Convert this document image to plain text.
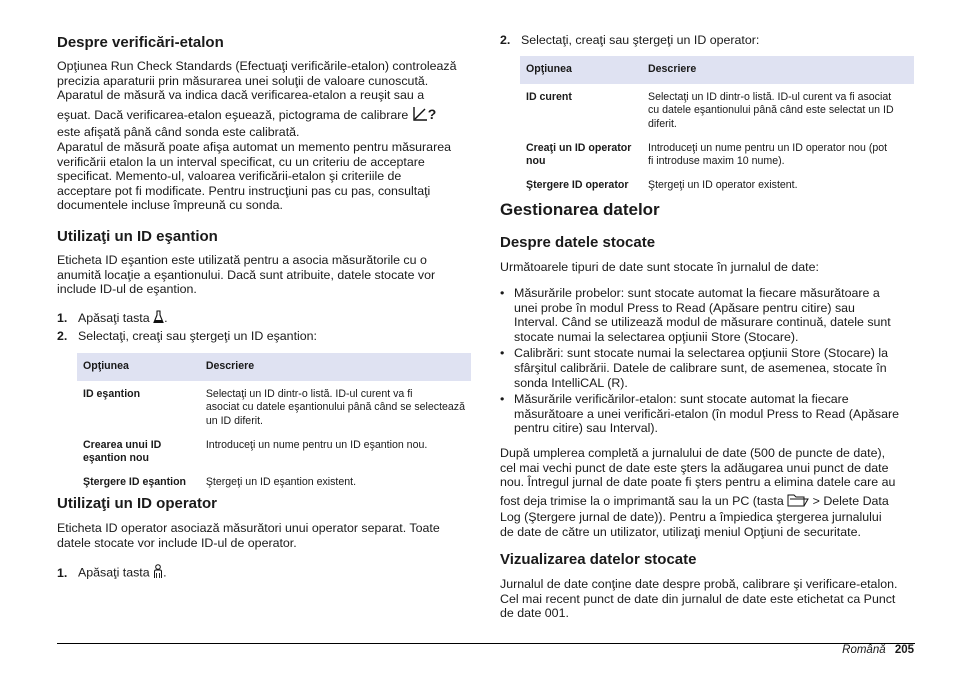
Despre verificări-etalon
Opţiunea Run Check Standards (Efectuaţi verificările-etalon) controlează
precizia aparaturii prin măsurarea unei soluţii de valoare cunoscută.
Aparatul de măsură va indica dacă verificarea-etalon a reuşit sau a
eşuat. Dacă verificarea-etalon eşuează, pictograma de calibrare ?
este afişată până când sonda este calibrată.
Aparatul de măsură poate afişa automat un memento pentru măsurarea
verificării etalon la un interval specificat, cu un criteriu de acceptare
specificat. Memento-ul, valoarea verificării-etalon şi criteriile de
acceptare pot fi modificate. Pentru instrucţiuni pas cu pas, consultaţi
documentele incluse împreună cu sonda.
Utilizaţi un ID eşantion
Eticheta ID eşantion este utilizată pentru a asocia măsurătorile cu o
anumită locaţie a eşantionului. Dacă sunt atribuite, datele stocate vor
include ID-ul de eşantion.
1. Apăsaţi tasta .
2. Selectaţi, creaţi sau ştergeţi un ID eşantion:
Opţiunea	Descriere

ID eşantion	Selectaţi un ID dintr-o listă. ID-ul curent va fi
asociat cu datele eşantionului până când se selectează
un ID diferit.

Crearea unui ID
eşantion nou	Introduceţi un nume pentru un ID eşantion nou.

Ştergere ID eşantion	Ştergeţi un ID eşantion existent.
Utilizaţi un ID operator
Eticheta ID operator asociază măsurători unui operator separat. Toate
datele stocate vor include ID-ul de operator.
1. Apăsaţi tasta .
2. Selectaţi, creaţi sau ştergeţi un ID operator:
Opţiunea	Descriere

ID curent	Selectaţi un ID dintr-o listă. ID-ul curent va fi asociat
cu datele eşantionului până când este selectat un ID
diferit.

Creaţi un ID operator
nou	Introduceţi un nume pentru un ID operator nou (pot
fi introduse maxim 10 nume).

Ştergere ID operator	Ştergeţi un ID operator existent.
Gestionarea datelor
Despre datele stocate
Următoarele tipuri de date sunt stocate în jurnalul de date:
• Măsurările probelor: sunt stocate automat la fiecare măsurătoare a
unei probe în modul Press to Read (Apăsare pentru citire) sau
Interval. Când se utilizează modul de măsurare continuă, datele sunt
stocate numai la selectarea opţiunii Store (Stocare).
• Calibrări: sunt stocate numai la selectarea opţiunii Store (Stocare) la
sfârşitul calibrării. Datele de calibrare sunt, de asemenea, stocate în
sonda IntelliCAL (R).
• Măsurările verificărilor-etalon: sunt stocate automat la fiecare
măsurătoare a unei verificări-etalon (în modul Press to Read (Apăsare
pentru citire) sau Interval).
După umplerea completă a jurnalului de date (500 de puncte de date),
cel mai vechi punct de date este şters la adăugarea unui punct de date
nou. Întregul jurnal de date poate fi şters pentru a elimina datele care au
fost deja trimise la o imprimantă sau la un PC (tasta > Delete Data
Log (Ştergere jurnal de date)). Pentru a împiedica ştergerea jurnalului
de date de către un utilizator, utilizaţi meniul Opţiuni de securitate.
Vizualizarea datelor stocate
Jurnalul de date conţine date despre probă, calibrare şi verificare-etalon.
Cel mai recent punct de date din jurnalul de date este etichetat ca Punct
de date 001.
Română 205
